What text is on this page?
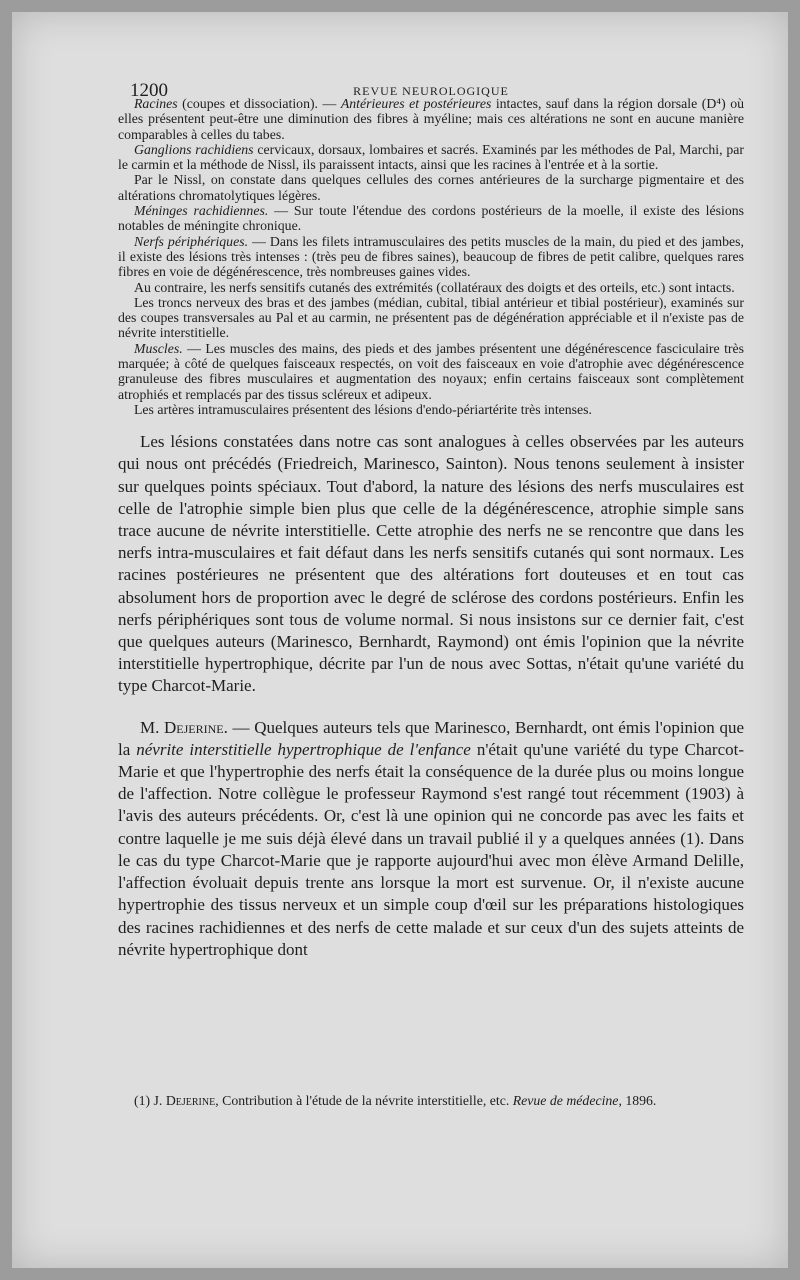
1200	REVUE NEUROLOGIQUE

Racines (coupes et dissociation). — Antérieures et postérieures intactes, sauf dans la région dorsale (D⁴) où elles présentent peut-être une diminution des fibres à myéline; mais ces altérations ne sont en aucune manière comparables à celles du tabes.

Ganglions rachidiens cervicaux, dorsaux, lombaires et sacrés. Examinés par les méthodes de Pal, Marchi, par le carmin et la méthode de Nissl, ils paraissent intacts, ainsi que les racines à l'entrée et à la sortie.

Par le Nissl, on constate dans quelques cellules des cornes antérieures de la surcharge pigmentaire et des altérations chromatolytiques légères.

Méninges rachidiennes. — Sur toute l'étendue des cordons postérieurs de la moelle, il existe des lésions notables de méningite chronique.

Nerfs périphériques. — Dans les filets intramusculaires des petits muscles de la main, du pied et des jambes, il existe des lésions très intenses : (très peu de fibres saines), beaucoup de fibres de petit calibre, quelques rares fibres en voie de dégénérescence, très nombreuses gaines vides.

Au contraire, les nerfs sensitifs cutanés des extrémités (collatéraux des doigts et des orteils, etc.) sont intacts.

Les troncs nerveux des bras et des jambes (médian, cubital, tibial antérieur et tibial postérieur), examinés sur des coupes transversales au Pal et au carmin, ne présentent pas de dégénération appréciable et il n'existe pas de névrite interstitielle.

Muscles. — Les muscles des mains, des pieds et des jambes présentent une dégénérescence fasciculaire très marquée; à côté de quelques faisceaux respectés, on voit des faisceaux en voie d'atrophie avec dégénérescence granuleuse des fibres musculaires et augmentation des noyaux; enfin certains faisceaux sont complètement atrophiés et remplacés par des tissus scléreux et adipeux.

Les artères intramusculaires présentent des lésions d'endo-périartérite très intenses.

Les lésions constatées dans notre cas sont analogues à celles observées par les auteurs qui nous ont précédés (Friedreich, Marinesco, Sainton). Nous tenons seulement à insister sur quelques points spéciaux. Tout d'abord, la nature des lésions des nerfs musculaires est celle de l'atrophie simple bien plus que celle de la dégénérescence, atrophie simple sans trace aucune de névrite interstitielle. Cette atrophie des nerfs ne se rencontre que dans les nerfs intra-musculaires et fait défaut dans les nerfs sensitifs cutanés qui sont normaux. Les racines postérieures ne présentent que des altérations fort douteuses et en tout cas absolument hors de proportion avec le degré de sclérose des cordons postérieurs. Enfin les nerfs périphériques sont tous de volume normal. Si nous insistons sur ce dernier fait, c'est que quelques auteurs (Marinesco, Bernhardt, Raymond) ont émis l'opinion que la névrite interstitielle hypertrophique, décrite par l'un de nous avec Sottas, n'était qu'une variété du type Charcot-Marie.

M. Dejerine. — Quelques auteurs tels que Marinesco, Bernhardt, ont émis l'opinion que la névrite interstitielle hypertrophique de l'enfance n'était qu'une variété du type Charcot-Marie et que l'hypertrophie des nerfs était la conséquence de la durée plus ou moins longue de l'affection. Notre collègue le professeur Raymond s'est rangé tout récemment (1903) à l'avis des auteurs précédents. Or, c'est là une opinion qui ne concorde pas avec les faits et contre laquelle je me suis déjà élevé dans un travail publié il y a quelques années (1). Dans le cas du type Charcot-Marie que je rapporte aujourd'hui avec mon élève Armand Delille, l'affection évoluait depuis trente ans lorsque la mort est survenue. Or, il n'existe aucune hypertrophie des tissus nerveux et un simple coup d'œil sur les préparations histologiques des racines rachidiennes et des nerfs de cette malade et sur ceux d'un des sujets atteints de névrite hypertrophique dont

(1) J. Dejerine, Contribution à l'étude de la névrite interstitielle, etc. Revue de médecine, 1896.
